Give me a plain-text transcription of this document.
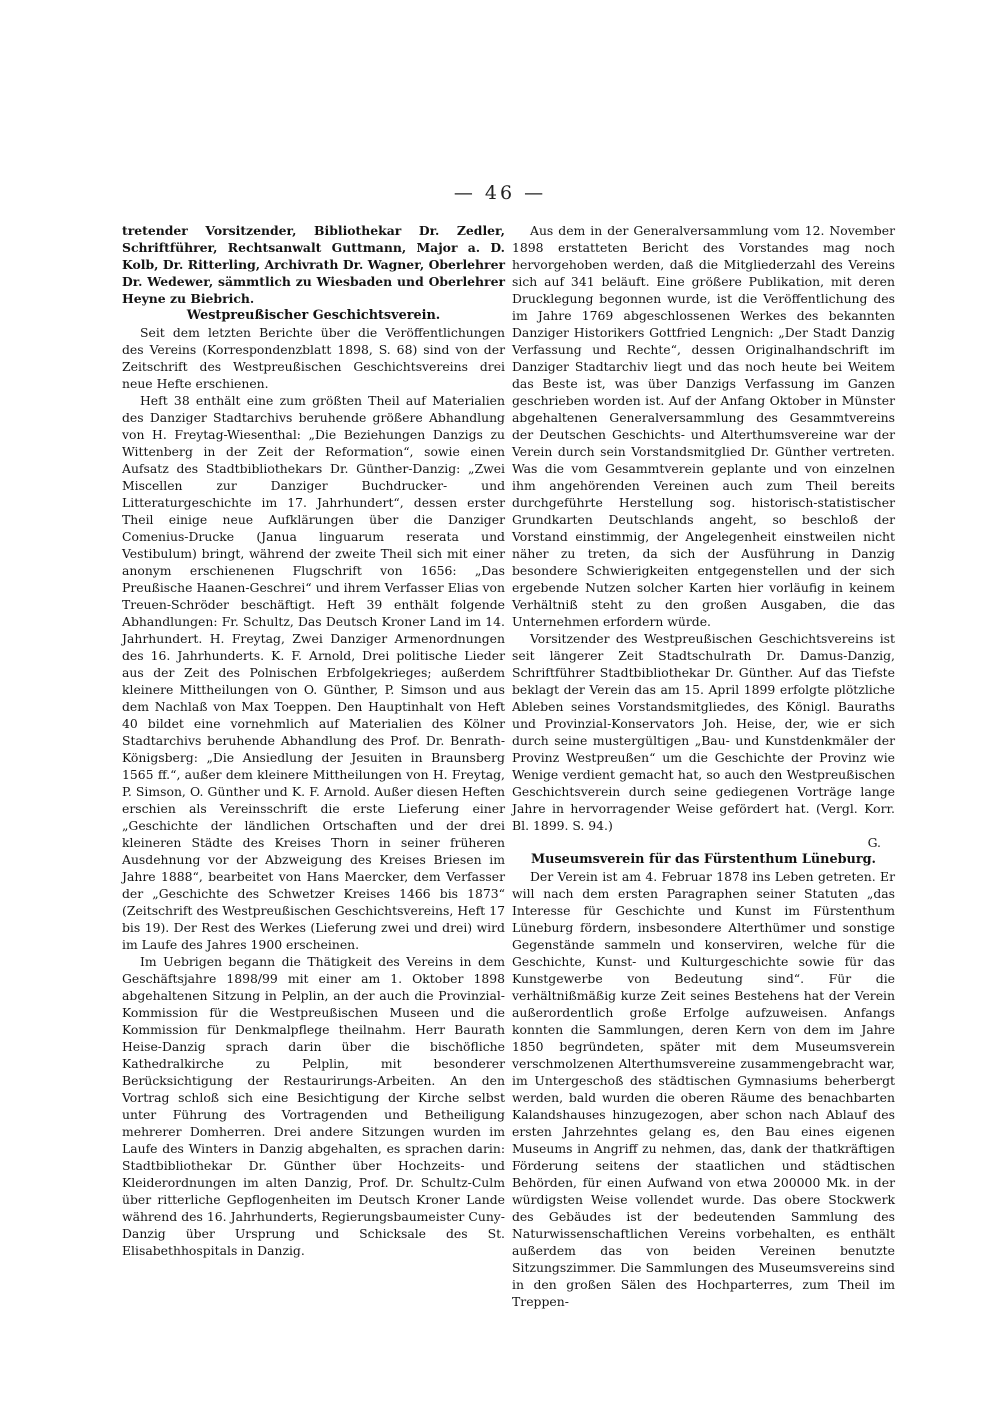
— 46 —

tretender Vorsitzender, Bibliothekar Dr. Zedler, Schriftführer, Rechtsanwalt Guttmann, Major a. D. Kolb, Dr. Ritterling, Archivrath Dr. Wagner, Oberlehrer Dr. Wedewer, sämmtlich zu Wiesbaden und Oberlehrer Heyne zu Biebrich.

Westpreußischer Geschichtsverein.

Seit dem letzten Berichte über die Veröffentlichungen des Vereins (Korrespondenzblatt 1898, S. 68) sind von der Zeitschrift des Westpreußischen Geschichtsvereins drei neue Hefte erschienen.

Heft 38 enthält eine zum größten Theil auf Materialien des Danziger Stadtarchivs beruhende größere Abhandlung von H. Freytag-Wiesenthal: „Die Beziehungen Danzigs zu Wittenberg in der Zeit der Reformation“, sowie einen Aufsatz des Stadtbibliothekars Dr. Günther-Danzig: „Zwei Miscellen zur Danziger Buchdrucker- und Litteraturgeschichte im 17. Jahrhundert“, dessen erster Theil einige neue Aufklärungen über die Danziger Comenius-Drucke (Janua linguarum reserata und Vestibulum) bringt, während der zweite Theil sich mit einer anonym erschienenen Flugschrift von 1656: „Das Preußische Haanen-Geschrei“ und ihrem Verfasser Elias von Treuen-Schröder beschäftigt. Heft 39 enthält folgende Abhandlungen: Fr. Schultz, Das Deutsch Kroner Land im 14. Jahrhundert. H. Freytag, Zwei Danziger Armenordnungen des 16. Jahrhunderts. K. F. Arnold, Drei politische Lieder aus der Zeit des Polnischen Erbfolgekrieges; außerdem kleinere Mittheilungen von O. Günther, P. Simson und aus dem Nachlaß von Max Toeppen. Den Hauptinhalt von Heft 40 bildet eine vornehmlich auf Materialien des Kölner Stadtarchivs beruhende Abhandlung des Prof. Dr. Benrath-Königsberg: „Die Ansiedlung der Jesuiten in Braunsberg 1565 ff.“, außer dem kleinere Mittheilungen von H. Freytag, P. Simson, O. Günther und K. F. Arnold. Außer diesen Heften erschien als Vereinsschrift die erste Lieferung einer „Geschichte der ländlichen Ortschaften und der drei kleineren Städte des Kreises Thorn in seiner früheren Ausdehnung vor der Abzweigung des Kreises Briesen im Jahre 1888“, bearbeitet von Hans Maercker, dem Verfasser der „Geschichte des Schwetzer Kreises 1466 bis 1873“ (Zeitschrift des Westpreußischen Geschichtsvereins, Heft 17 bis 19). Der Rest des Werkes (Lieferung zwei und drei) wird im Laufe des Jahres 1900 erscheinen.

Im Uebrigen begann die Thätigkeit des Vereins in dem Geschäftsjahre 1898/99 mit einer am 1. Oktober 1898 abgehaltenen Sitzung in Pelplin, an der auch die Provinzial-Kommission für die Westpreußischen Museen und die Kommission für Denkmalpflege theilnahm. Herr Baurath Heise-Danzig sprach darin über die bischöfliche Kathedralkirche zu Pelplin, mit besonderer Berücksichtigung der Restaurirungs-Arbeiten. An den Vortrag schloß sich eine Besichtigung der Kirche selbst unter Führung des Vortragenden und Betheiligung mehrerer Domherren. Drei andere Sitzungen wurden im Laufe des Winters in Danzig abgehalten, es sprachen darin: Stadtbibliothekar Dr. Günther über Hochzeits- und Kleiderordnungen im alten Danzig, Prof. Dr. Schultz-Culm über ritterliche Gepflogenheiten im Deutsch Kroner Lande während des 16. Jahrhunderts, Regierungsbaumeister Cuny-Danzig über Ursprung und Schicksale des St. Elisabethhospitals in Danzig.

Aus dem in der Generalversammlung vom 12. November 1898 erstatteten Bericht des Vorstandes mag noch hervorgehoben werden, daß die Mitgliederzahl des Vereins sich auf 341 beläuft. Eine größere Publikation, mit deren Drucklegung begonnen wurde, ist die Veröffentlichung des im Jahre 1769 abgeschlossenen Werkes des bekannten Danziger Historikers Gottfried Lengnich: „Der Stadt Danzig Verfassung und Rechte“, dessen Originalhandschrift im Danziger Stadtarchiv liegt und das noch heute bei Weitem das Beste ist, was über Danzigs Verfassung im Ganzen geschrieben worden ist. Auf der Anfang Oktober in Münster abgehaltenen Generalversammlung des Gesammtvereins der Deutschen Geschichts- und Alterthumsvereine war der Verein durch sein Vorstandsmitglied Dr. Günther vertreten. Was die vom Gesammtverein geplante und von einzelnen ihm angehörenden Vereinen auch zum Theil bereits durchgeführte Herstellung sog. historisch-statistischer Grundkarten Deutschlands angeht, so beschloß der Vorstand einstimmig, der Angelegenheit einstweilen nicht näher zu treten, da sich der Ausführung in Danzig besondere Schwierigkeiten entgegenstellen und der sich ergebende Nutzen solcher Karten hier vorläufig in keinem Verhältniß steht zu den großen Ausgaben, die das Unternehmen erfordern würde.

Vorsitzender des Westpreußischen Geschichtsvereins ist seit längerer Zeit Stadtschulrath Dr. Damus-Danzig, Schriftführer Stadtbibliothekar Dr. Günther. Auf das Tiefste beklagt der Verein das am 15. April 1899 erfolgte plötzliche Ableben seines Vorstandsmitgliedes, des Königl. Bauraths und Provinzial-Konservators Joh. Heise, der, wie er sich durch seine mustergültigen „Bau- und Kunstdenkmäler der Provinz Westpreußen“ um die Geschichte der Provinz wie Wenige verdient gemacht hat, so auch den Westpreußischen Geschichtsverein durch seine gediegenen Vorträge lange Jahre in hervorragender Weise gefördert hat. (Vergl. Korr. Bl. 1899. S. 94.)

G.

Museumsverein für das Fürstenthum Lüneburg.

Der Verein ist am 4. Februar 1878 ins Leben getreten. Er will nach dem ersten Paragraphen seiner Statuten „das Interesse für Geschichte und Kunst im Fürstenthum Lüneburg fördern, insbesondere Alterthümer und sonstige Gegenstände sammeln und konserviren, welche für die Geschichte, Kunst- und Kulturgeschichte sowie für das Kunstgewerbe von Bedeutung sind“. Für die verhältnißmäßig kurze Zeit seines Bestehens hat der Verein außerordentlich große Erfolge aufzuweisen. Anfangs konnten die Sammlungen, deren Kern von dem im Jahre 1850 begründeten, später mit dem Museumsverein verschmolzenen Alterthumsvereine zusammengebracht war, im Untergeschoß des städtischen Gymnasiums beherbergt werden, bald wurden die oberen Räume des benachbarten Kalandshauses hinzugezogen, aber schon nach Ablauf des ersten Jahrzehntes gelang es, den Bau eines eigenen Museums in Angriff zu nehmen, das, dank der thatkräftigen Förderung seitens der staatlichen und städtischen Behörden, für einen Aufwand von etwa 200000 Mk. in der würdigsten Weise vollendet wurde. Das obere Stockwerk des Gebäudes ist der bedeutenden Sammlung des Naturwissenschaftlichen Vereins vorbehalten, es enthält außerdem das von beiden Vereinen benutzte Sitzungszimmer. Die Sammlungen des Museumsvereins sind in den großen Sälen des Hochparterres, zum Theil im Treppen-
